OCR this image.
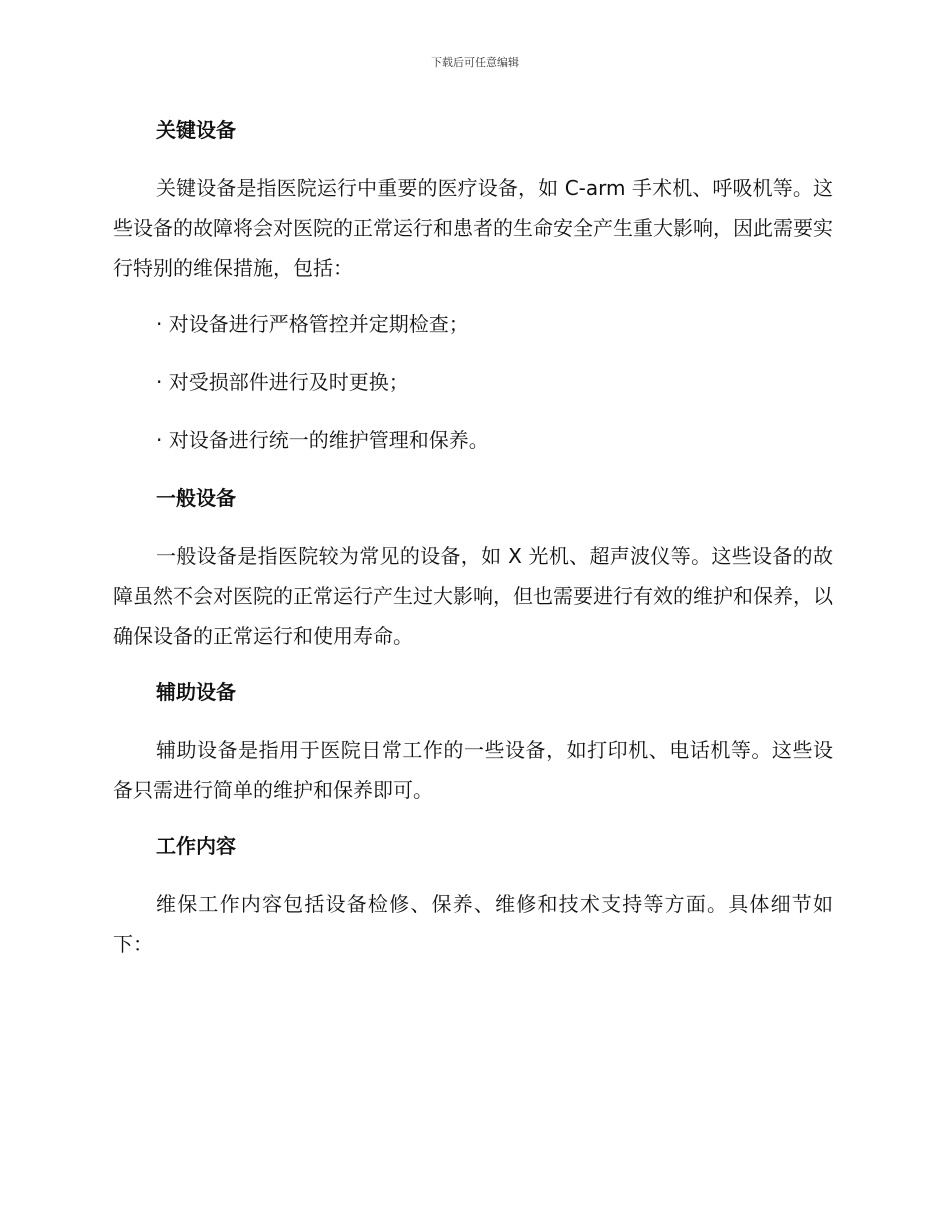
下载后可任意编辑
关键设备
关键设备是指医院运行中重要的医疗设备，如 C-arm 手术机、呼吸机等。这些设备的故障将会对医院的正常运行和患者的生命安全产生重大影响，因此需要实行特别的维保措施，包括：
· 对设备进行严格管控并定期检查；
· 对受损部件进行及时更换；
· 对设备进行统一的维护管理和保养。
一般设备
一般设备是指医院较为常见的设备，如 X 光机、超声波仪等。这些设备的故障虽然不会对医院的正常运行产生过大影响，但也需要进行有效的维护和保养，以确保设备的正常运行和使用寿命。
辅助设备
辅助设备是指用于医院日常工作的一些设备，如打印机、电话机等。这些设备只需进行简单的维护和保养即可。
工作内容
维保工作内容包括设备检修、保养、维修和技术支持等方面。具体细节如下：
